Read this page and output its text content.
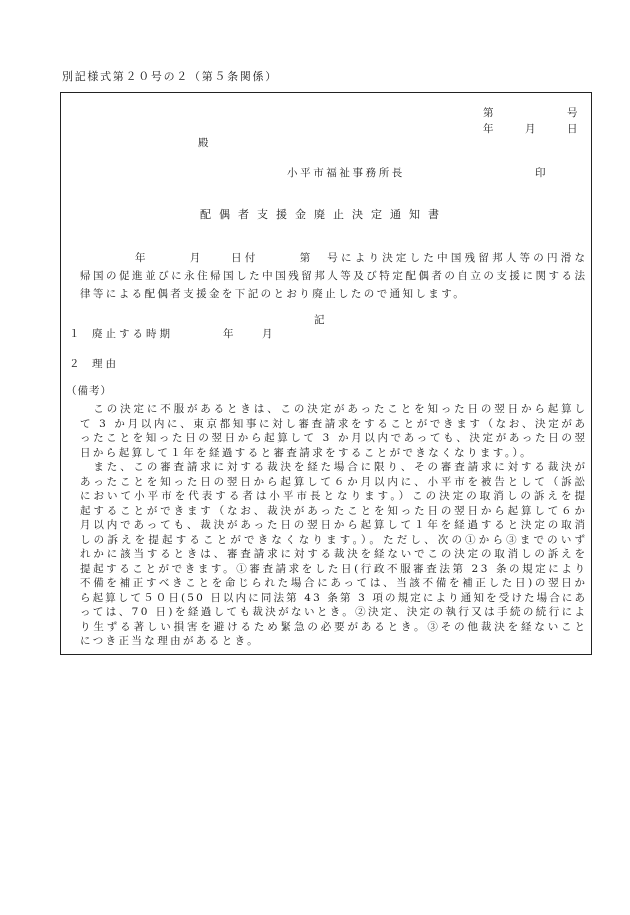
別記様式第２０号の２（第５条関係）
第　　　　　号
年　　月　　日
殿
小平市福祉事務所長	印
配偶者支援金廃止決定通知書
　　　　年　　　月　　日付　　　第　号により決定した中国残留邦人等の円滑な
帰国の促進並びに永住帰国した中国残留邦人等及び特定配偶者の自立の支援に関する法
律等による配偶者支援金を下記のとおり廃止したので通知します。
記
１ 廃止する時期	年	月
２ 理由
（備考）
　この決定に不服があるときは、この決定があったことを知った日の翌日から起算し
て 3 か月以内に、東京都知事に対し審査請求をすることができます（なお、決定があ
ったことを知った日の翌日から起算して 3 か月以内であっても、決定があった日の翌
日から起算して１年を経過すると審査請求をすることができなくなります。）。
　また、この審査請求に対する裁決を経た場合に限り、その審査請求に対する裁決が
あったことを知った日の翌日から起算して６か月以内に、小平市を被告として（訴訟
において小平市を代表する者は小平市長となります。）この決定の取消しの訴えを提
起することができます（なお、裁決があったことを知った日の翌日から起算して６か
月以内であっても、裁決があった日の翌日から起算して１年を経過すると決定の取消
しの訴えを提起することができなくなります。）。ただし、次の①から③までのいず
れかに該当するときは、審査請求に対する裁決を経ないでこの決定の取消しの訴えを
提起することができます。①審査請求をした日(行政不服審査法第 23 条の規定により
不備を補正すべきことを命じられた場合にあっては、当該不備を補正した日)の翌日か
ら起算して５０日(50 日以内に同法第 43 条第 3 項の規定により通知を受けた場合にあ
っては、70 日)を経過しても裁決がないとき。②決定、決定の執行又は手続の続行によ
り生ずる著しい損害を避けるため緊急の必要があるとき。③その他裁決を経ないこと
につき正当な理由があるとき。
